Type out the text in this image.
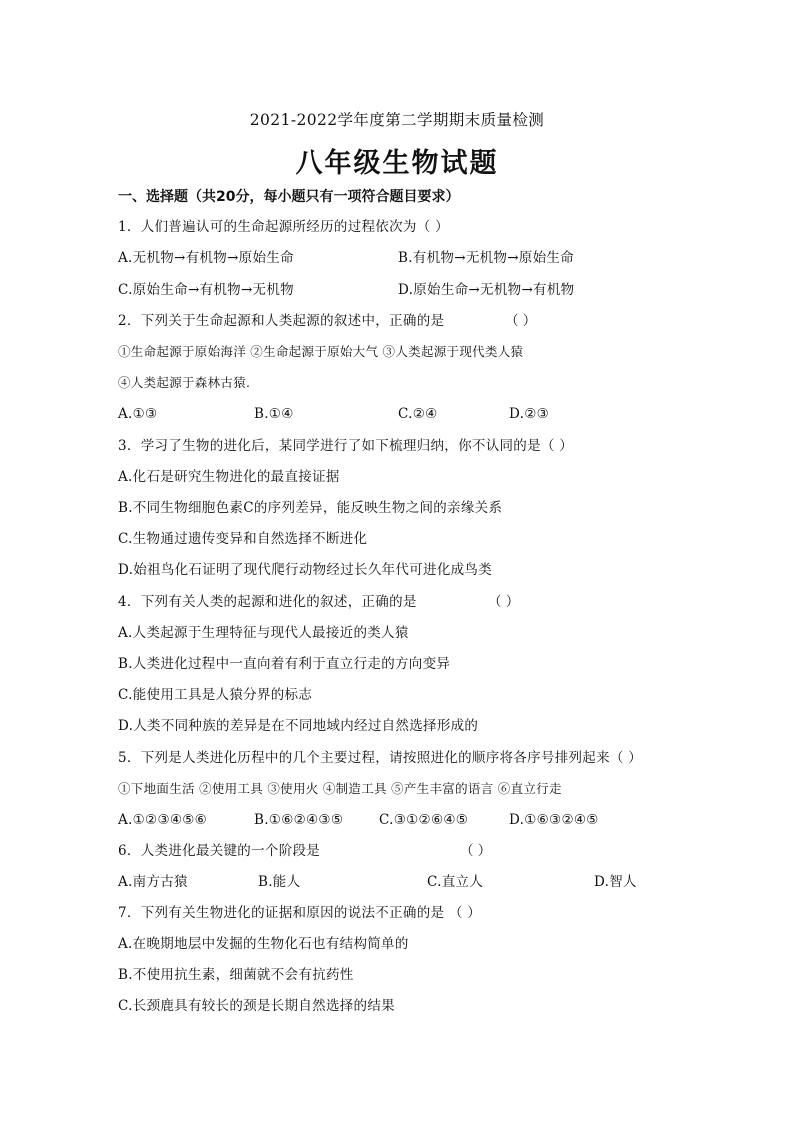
2021-2022学年度第二学期期末质量检测
八年级生物试题
一、选择题（共20分，每小题只有一项符合题目要求）
1．人们普遍认可的生命起源所经历的过程依次为（ ）
A.无机物→有机物→原始生命	B.有机物→无机物→原始生命
C.原始生命→有机物→无机物	D.原始生命→无机物→有机物
2．下列关于生命起源和人类起源的叙述中，正确的是	（ ）
①生命起源于原始海洋 ②生命起源于原始大气 ③人类起源于现代类人猿
④人类起源于森林古猿.
A.①③	B.①④	C.②④	D.②③
3．学习了生物的进化后，某同学进行了如下梳理归纳，你不认同的是（ ）
A.化石是研究生物进化的最直接证据
B.不同生物细胞色素C的序列差异，能反映生物之间的亲缘关系
C.生物通过遗传变异和自然选择不断进化
D.始祖鸟化石证明了现代爬行动物经过长久年代可进化成鸟类
4．下列有关人类的起源和进化的叙述，正确的是	（ ）
A.人类起源于生理特征与现代人最接近的类人猿
B.人类进化过程中一直向着有利于直立行走的方向变异
C.能使用工具是人猿分界的标志
D.人类不同种族的差异是在不同地域内经过自然选择形成的
5．下列是人类进化历程中的几个主要过程，请按照进化的顺序将各序号排列起来（ ）
①下地面生活 ②使用工具 ③使用火 ④制造工具 ⑤产生丰富的语言 ⑥直立行走
A.①②③④⑤⑥	B.①⑥②④③⑤	C.③①②⑥④⑤	D.①⑥③②④⑤
6．人类进化最关键的一个阶段是	（ ）
A.南方古猿	B.能人	C.直立人	D.智人
7．下列有关生物进化的证据和原因的说法不正确的是 （ ）
A.在晚期地层中发掘的生物化石也有结构简单的
B.不使用抗生素，细菌就不会有抗药性
C.长颈鹿具有较长的颈是长期自然选择的结果
